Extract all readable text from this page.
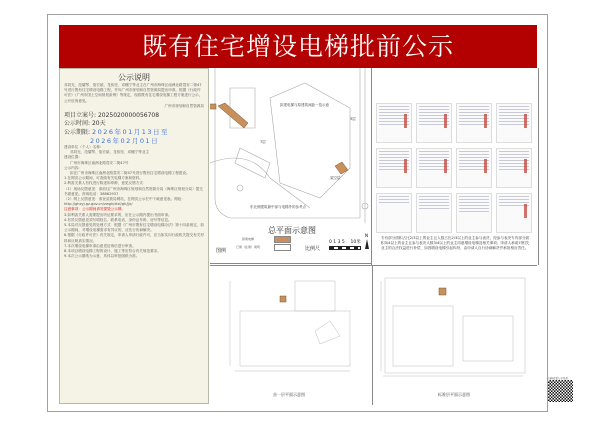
既有住宅增设电梯批前公示
公示说明

邓同光、范耀琴、詹宏斌、龙伟坚、邓穗宁等业主在广州市海珠区南洲北路荔安二街47号进行既有住宅增设电梯工程，并向广州市规划和自然资源局提出申请。根据《行政许可法》《广州市国土空间规划条例》等规定，现将既有住宅增设电梯工程方案进行公示，公开征询意见。

广州市规划和自然资源局

项目立案号: 2025020000056708

公示时间: 20天

公示期限: 2026年01月13日至

2026年02月01日

建设单位（个人）名称:

邓同光、范耀琴、詹宏斌、龙伟坚、邓穗宁等业主

建设位置:

广州市海珠区南洲北路荔安二街47号

公示内容:

拟在广州市海珠区南洲北路荔安二街47号进行既有住宅增设电梯工程建设。

1.在网页公示期间，可查阅有关电梯方案和资料。

2.利害关系人有权进行陈述和申辩，意见反馈方式：

（1）现场反馈意见：请前往广州市海珠区规划和自然资源分局（海珠区规划分局）提交书面意见。咨询电话：38862937

（2）网上反馈意见：请登录我局网站，在网页公示栏中下载意见表。网址：http://ghzyj.gz.gov.cn/zwgk/ztzl/gh/jjz/

注意事项：公示期间请勿损毁公示牌。

3.如利害关系人需要提出听证要求的，应在公示期内提出书面申请。

4.有效反馈意见须写明姓名、联系电话、身份证号码、房号等信息。

5.本局对反馈意见的处理方式：根据《广州市既有住宅增设电梯办法》第十四条规定，如公示期间，对增设电梯需求有异议的，应先行协商解决。

6.根据《行政许可法》有关规定，申请人申请行政许可，应当如实向行政机关提交有关材料和反映真实情况。

7.本次增设电梯申请由意见征询后进行审查。

8.本项目增设电梯工程的设计、施工等应符合有关规范要求。

9.本次公示图纸为示意，具体以审批图纸为准。

拟建电梯与原建筑间距一览示意
3层
7层
架空层
东北侧建筑最中部与电梯外的参考点
总平面示意图
图例
拟建电梯
已建（在建）建筑	比例尺
0 1 3 5    10米
N	专有部分面积占比2/3以上的业主且人数占比2/3以上的业主参与表决，经参与表决专有部分面积3/4以上的业主且参与表决人数3/4以上的业主同意增设电梯及相关事项；申请人承诺对相关业主的合法权益进行补偿，如因增设电梯引起纠纷，由申请人自行协商解决并承担相应责任。
首一层平面示意图	标准层平面示意图
扫码查看公示信息
